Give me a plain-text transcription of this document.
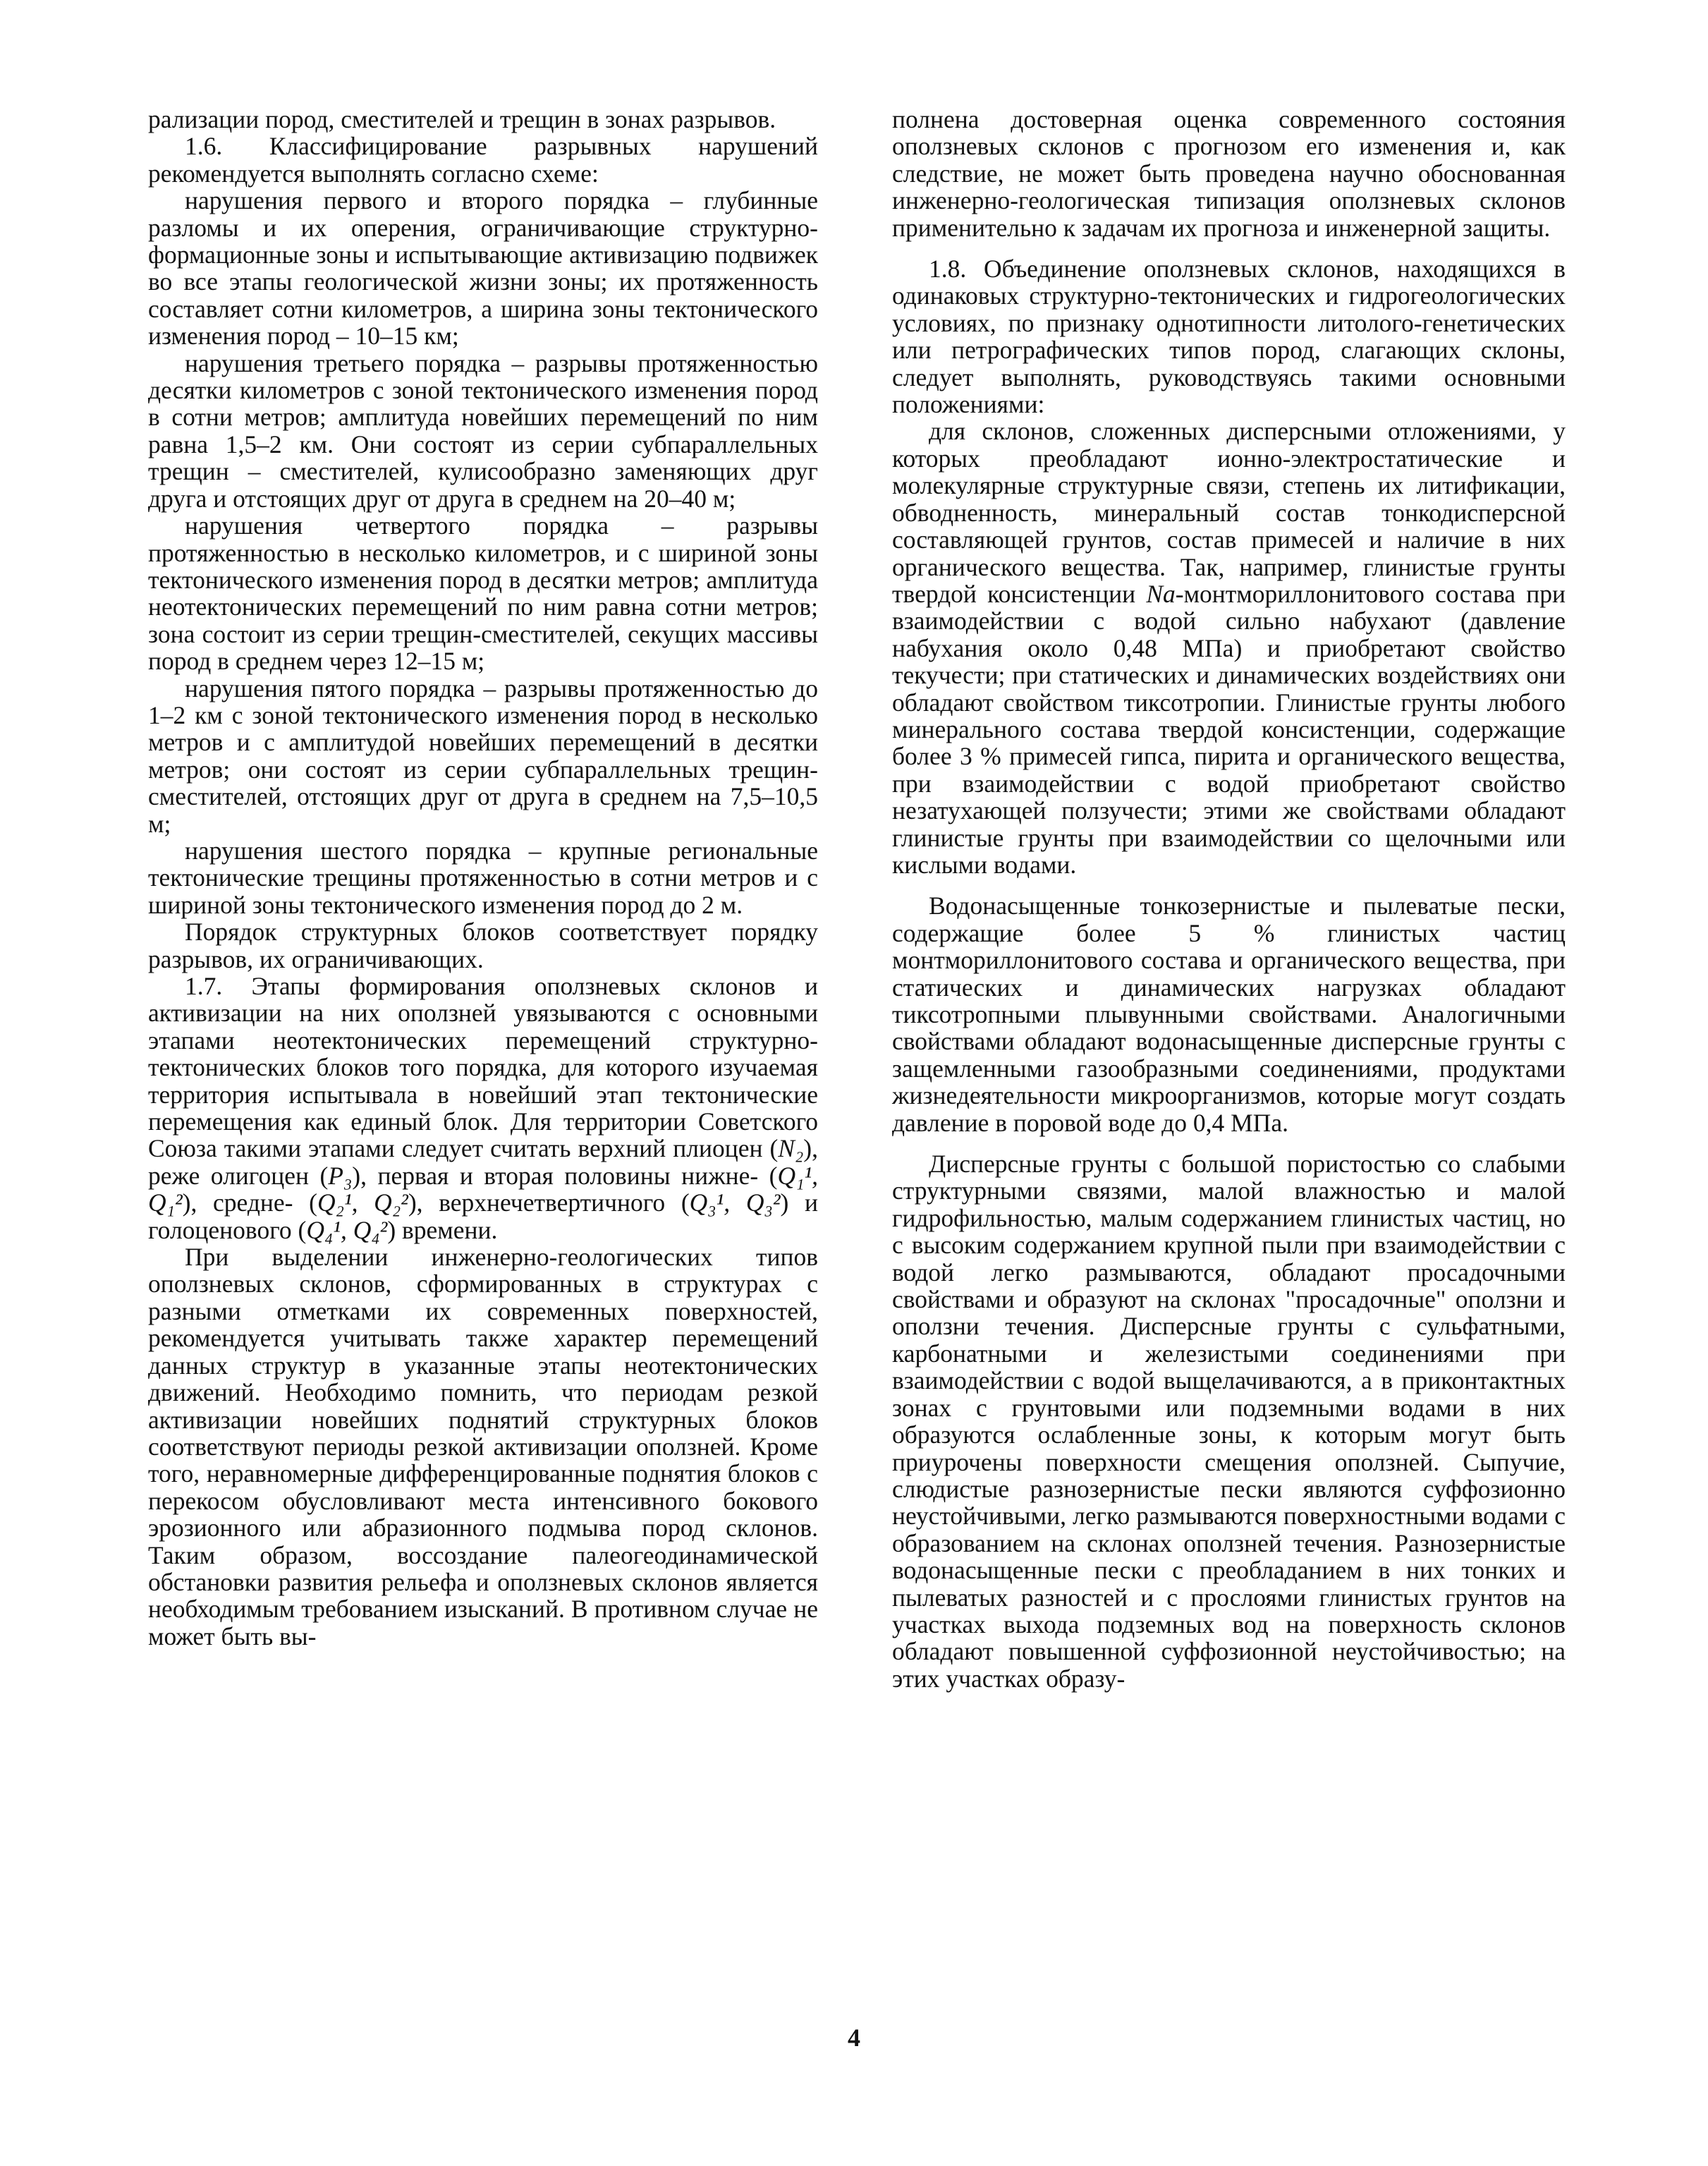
рализации пород, сместителей и трещин в зонах разрывов.

1.6. Классифицирование разрывных нарушений рекомендуется выполнять согласно схеме:

нарушения первого и второго порядка – глубинные разломы и их оперения, ограничивающие структурно-формационные зоны и испытывающие активизацию подвижек во все этапы геологической жизни зоны; их протяженность составляет сотни километров, а ширина зоны тектонического изменения пород – 10–15 км;

нарушения третьего порядка – разрывы протяженностью десятки километров с зоной тектонического изменения пород в сотни метров; амплитуда новейших перемещений по ним равна 1,5–2 км. Они состоят из серии субпараллельных трещин – сместителей, кулисообразно заменяющих друг друга и отстоящих друг от друга в среднем на 20–40 м;

нарушения четвертого порядка – разрывы протяженностью в несколько километров, и с шириной зоны тектонического изменения пород в десятки метров; амплитуда неотектонических перемещений по ним равна сотни метров; зона состоит из серии трещин-сместителей, секущих массивы пород в среднем через 12–15 м;

нарушения пятого порядка – разрывы протяженностью до 1–2 км с зоной тектонического изменения пород в несколько метров и с амплитудой новейших перемещений в десятки метров; они состоят из серии субпараллельных трещин-сместителей, отстоящих друг от друга в среднем на 7,5–10,5 м;

нарушения шестого порядка – крупные региональные тектонические трещины протяженностью в сотни метров и с шириной зоны тектонического изменения пород до 2 м.

Порядок структурных блоков соответствует порядку разрывов, их ограничивающих.

1.7. Этапы формирования оползневых склонов и активизации на них оползней увязываются с основными этапами неотектонических перемещений структурно-тектонических блоков того порядка, для которого изучаемая территория испытывала в новейший этап тектонические перемещения как единый блок. Для территории Советского Союза такими этапами следует считать верхний плиоцен (N₂), реже олигоцен (P₃), первая и вторая половины нижне- (Q₁¹, Q₁²), средне- (Q₂¹, Q₂²), верхнечетвертичного (Q₃¹, Q₃²) и голоценового (Q₄¹, Q₄²) времени.

При выделении инженерно-геологических типов оползневых склонов, сформированных в структурах с разными отметками их современных поверхностей, рекомендуется учитывать также характер перемещений данных структур в указанные этапы неотектонических движений. Необходимо помнить, что периодам резкой активизации новейших поднятий структурных блоков соответствуют периоды резкой активизации оползней. Кроме того, неравномерные дифференцированные поднятия блоков с перекосом обусловливают места интенсивного бокового эрозионного или абразионного подмыва пород склонов. Таким образом, воссоздание палеогеодинамической обстановки развития рельефа и оползневых склонов является необходимым требованием изысканий. В противном случае не может быть вы-

полнена достоверная оценка современного состояния оползневых склонов с прогнозом его изменения и, как следствие, не может быть проведена научно обоснованная инженерно-геологическая типизация оползневых склонов применительно к задачам их прогноза и инженерной защиты.

1.8. Объединение оползневых склонов, находящихся в одинаковых структурно-тектонических и гидрогеологических условиях, по признаку однотипности литолого-генетических или петрографических типов пород, слагающих склоны, следует выполнять, руководствуясь такими основными положениями:

для склонов, сложенных дисперсными отложениями, у которых преобладают ионно-электростатические и молекулярные структурные связи, степень их литификации, обводненность, минеральный состав тонкодисперсной составляющей грунтов, состав примесей и наличие в них органического вещества. Так, например, глинистые грунты твердой консистенции Na-монтмориллонитового состава при взаимодействии с водой сильно набухают (давление набухания около 0,48 МПа) и приобретают свойство текучести; при статических и динамических воздействиях они обладают свойством тиксотропии. Глинистые грунты любого минерального состава твердой консистенции, содержащие более 3 % примесей гипса, пирита и органического вещества, при взаимодействии с водой приобретают свойство незатухающей ползучести; этими же свойствами обладают глинистые грунты при взаимодействии со щелочными или кислыми водами.

Водонасыщенные тонкозернистые и пылеватые пески, содержащие более 5 % глинистых частиц монтмориллонитового состава и органического вещества, при статических и динамических нагрузках обладают тиксотропными плывунными свойствами. Аналогичными свойствами обладают водонасыщенные дисперсные грунты с защемленными газообразными соединениями, продуктами жизнедеятельности микроорганизмов, которые могут создать давление в поровой воде до 0,4 МПа.

Дисперсные грунты с большой пористостью со слабыми структурными связями, малой влажностью и малой гидрофильностью, малым содержанием глинистых частиц, но с высоким содержанием крупной пыли при взаимодействии с водой легко размываются, обладают просадочными свойствами и образуют на склонах "просадочные" оползни и оползни течения. Дисперсные грунты с сульфатными, карбонатными и железистыми соединениями при взаимодействии с водой выщелачиваются, а в приконтактных зонах с грунтовыми или подземными водами в них образуются ослабленные зоны, к которым могут быть приурочены поверхности смещения оползней. Сыпучие, слюдистые разнозернистые пески являются суффозионно неустойчивыми, легко размываются поверхностными водами с образованием на склонах оползней течения. Разнозернистые водонасыщенные пески с преобладанием в них тонких и пылеватых разностей и с прослоями глинистых грунтов на участках выхода подземных вод на поверхность склонов обладают повышенной суффозионной неустойчивостью; на этих участках образу-

4
